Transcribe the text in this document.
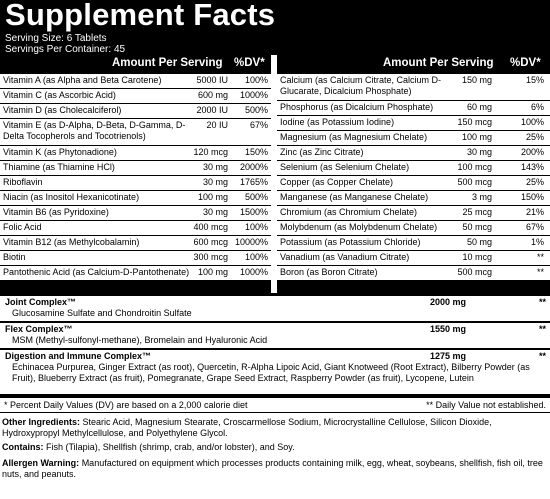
Supplement Facts
Serving Size: 6 Tablets
Servings Per Container: 45
Amount Per Serving %DV*
Vitamin A (as Alpha and Beta Carotene)	5000 IU 100%
Vitamin C (as Ascorbic Acid)	600 mg 1000%
Vitamin D (as Cholecalciferol)	2000 IU 500%
Vitamin E (as D-Alpha, D-Beta, D-Gamma, D-Delta Tocopherols and Tocotrienols)
20 IU 67%
Vitamin K (as Phytonadione)	120 mcg 150%
Thiamine (as Thiamine HCl)	30 mg 2000%
Riboflavin	30 mg 1765%
Niacin (as Inositol Hexanicotinate)	100 mg 500%
Vitamin B6 (as Pyridoxine)	30 mg 1500%
Folic Acid	400 mcg 100%
Vitamin B12 (as Methylcobalamin)	600 mcg 10000%
Biotin	300 mcg 100%
Pantothenic Acid (as Calcium-D-Pantothenate) 100 mg 1000%
Amount Per Serving %DV*
Calcium (as Calcium Citrate, Calcium D-Glucarate, Dicalcium Phosphate)
150 mg	15%
Phosphorus (as Dicalcium Phosphate)	60 mg	6%
Iodine (as Potassium Iodine)	150 mcg	100%
Magnesium (as Magnesium Chelate)	100 mg	25%
Zinc (as Zinc Citrate)	30 mg	200%
Selenium (as Selenium Chelate)	100 mcg	143%
Copper (as Copper Chelate)	500 mcg	25%
Manganese (as Manganese Chelate)	3 mg	150%
Chromium (as Chromium Chelate)	25 mcg	21%
Molybdenum (as Molybdenum Chelate)	50 mcg	67%
Potassium (as Potassium Chloride)	50 mg	1%
Vanadium (as Vanadium Citrate)	10 mcg	**
Boron (as Boron Citrate)	500 mcg	**
Joint Complex™	2000 mg	**
Glucosamine Sulfate and Chondroitin Sulfate
Flex Complex™	1550 mg	**
MSM (Methyl-sulfonyl-methane), Bromelain and Hyaluronic Acid
Digestion and Immune Complex™	1275 mg	**
Echinacea Purpurea, Ginger Extract (as root), Quercetin, R-Alpha Lipoic Acid, Giant Knotweed (Root Extract), Bilberry Powder (as Fruit), Blueberry Extract (as fruit), Pomegranate, Grape Seed Extract, Raspberry Powder (as fruit), Lycopene, Lutein
* Percent Daily Values (DV) are based on a 2,000 calorie diet	** Daily Value not established.
Other Ingredients: Stearic Acid, Magnesium Stearate, Croscarmellose Sodium, Microcrystalline Cellulose, Silicon Dioxide, Hydroxypropyl Methylcellulose, and Polyethylene Glycol.
Contains: Fish (Tilapia), Shellfish (shrimp, crab, and/or lobster), and Soy.
Allergen Warning: Manufactured on equipment which processes products containing milk, egg, wheat, soybeans, shellfish, fish oil, tree nuts, and peanuts.
